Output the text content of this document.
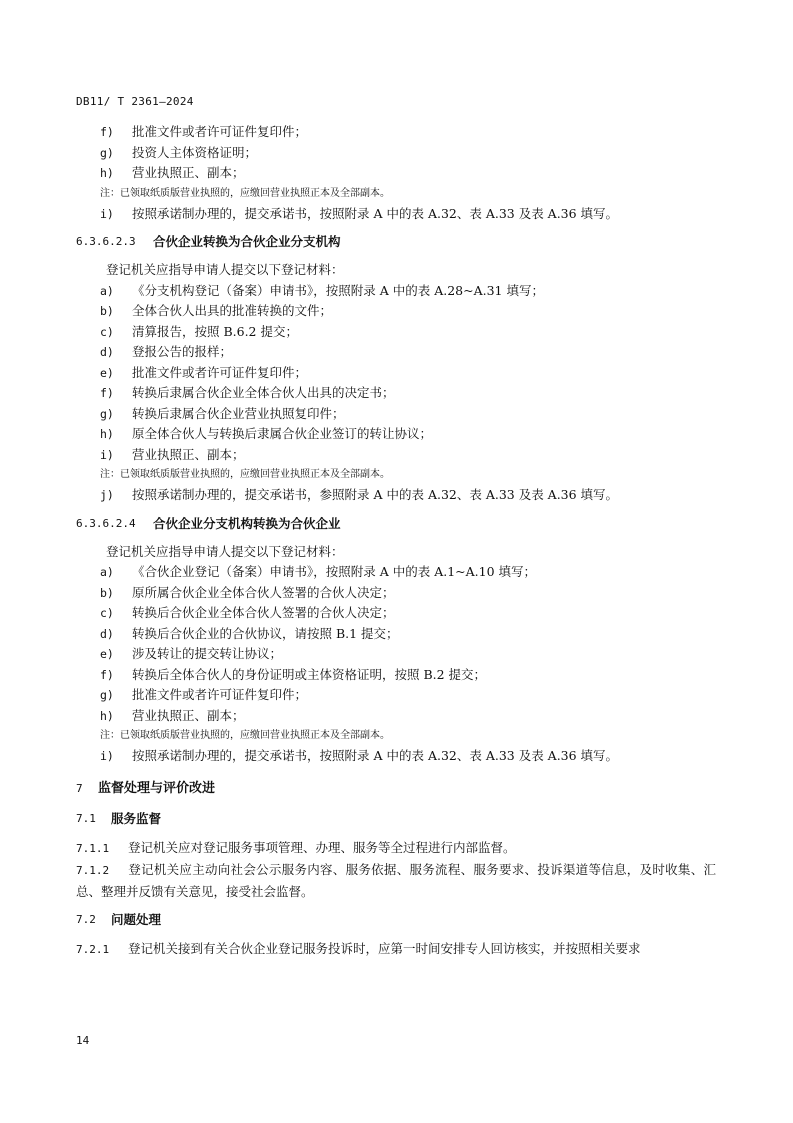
DB11/ T 2361—2024
f)	批准文件或者许可证件复印件；
g)	投资人主体资格证明；
h)	营业执照正、副本；
注：已领取纸质版营业执照的，应缴回营业执照正本及全部副本。
i)	按照承诺制办理的，提交承诺书，按照附录 A 中的表 A.32、表 A.33 及表 A.36 填写。
6.3.6.2.3	合伙企业转换为合伙企业分支机构
登记机关应指导申请人提交以下登记材料：
a)	《分支机构登记（备案）申请书》，按照附录 A 中的表 A.28~A.31 填写；
b)	全体合伙人出具的批准转换的文件；
c)	清算报告，按照 B.6.2 提交；
d)	登报公告的报样；
e)	批准文件或者许可证件复印件；
f)	转换后隶属合伙企业全体合伙人出具的决定书；
g)	转换后隶属合伙企业营业执照复印件；
h)	原全体合伙人与转换后隶属合伙企业签订的转让协议；
i)	营业执照正、副本；
注：已领取纸质版营业执照的，应缴回营业执照正本及全部副本。
j)	按照承诺制办理的，提交承诺书，参照附录 A 中的表 A.32、表 A.33 及表 A.36 填写。
6.3.6.2.4	合伙企业分支机构转换为合伙企业
登记机关应指导申请人提交以下登记材料：
a)	《合伙企业登记（备案）申请书》，按照附录 A 中的表 A.1~A.10 填写；
b)	原所属合伙企业全体合伙人签署的合伙人决定；
c)	转换后合伙企业全体合伙人签署的合伙人决定；
d)	转换后合伙企业的合伙协议，请按照 B.1 提交；
e)	涉及转让的提交转让协议；
f)	转换后全体合伙人的身份证明或主体资格证明，按照 B.2 提交；
g)	批准文件或者许可证件复印件；
h)	营业执照正、副本；
注：已领取纸质版营业执照的，应缴回营业执照正本及全部副本。
i)	按照承诺制办理的，提交承诺书，按照附录 A 中的表 A.32、表 A.33 及表 A.36 填写。
7	监督处理与评价改进
7.1	服务监督
7.1.1 登记机关应对登记服务事项管理、办理、服务等全过程进行内部监督。
7.1.2 登记机关应主动向社会公示服务内容、服务依据、服务流程、服务要求、投诉渠道等信息，及时收集、汇总、整理并反馈有关意见，接受社会监督。
7.2	问题处理
7.2.1 登记机关接到有关合伙企业登记服务投诉时，应第一时间安排专人回访核实，并按照相关要求
14
